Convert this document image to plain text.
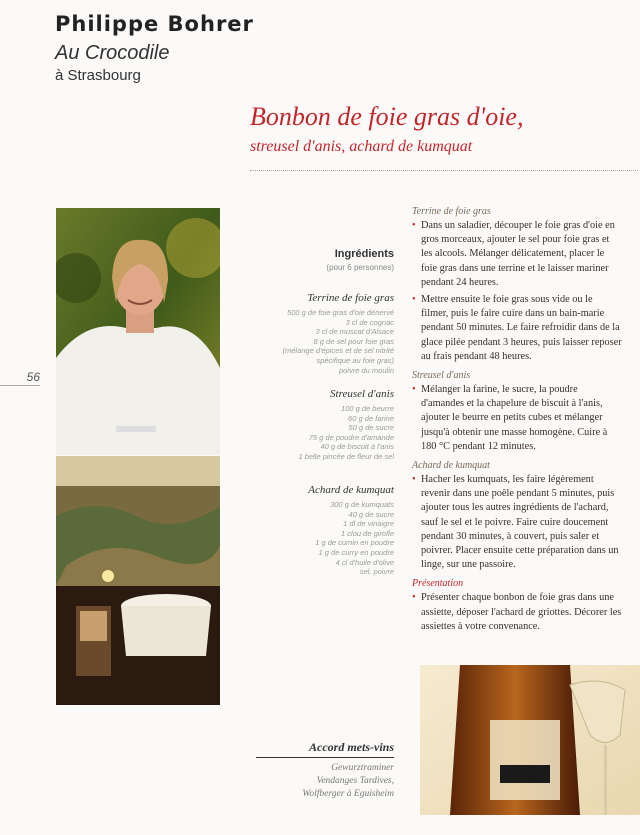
Philippe Bohrer
Au Crocodile
à Strasbourg
Bonbon de foie gras d'oie,
streusel d'anis, achard de kumquat
56
Ingrédients
(pour 6 personnes)
Terrine de foie gras
500 g de foie gras d'oie dénervé
3 cl de cognac
3 cl de muscat d'Alsace
8 g de sel pour foie gras
(mélange d'épices et de sel nitrité
spécifique au foie gras)
poivre du moulin
Streusel d'anis
100 g de beurre
60 g de farine
50 g de sucre
75 g de poudre d'amande
40 g de biscuit à l'anis
1 belle pincée de fleur de sel
Achard de kumquat
300 g de kumquats
40 g de sucre
1 dl de vinaigre
1 clou de girofle
1 g de cumin en poudre
1 g de curry en poudre
4 cl d'huile d'olive
sel, poivre
Terrine de foie gras
• Dans un saladier, découper le foie gras d'oie en gros morceaux, ajouter le sel pour foie gras et les alcools. Mélanger délicatement, placer le foie gras dans une terrine et le laisser mariner pendant 24 heures.
• Mettre ensuite le foie gras sous vide ou le filmer, puis le faire cuire dans un bain-marie pendant 50 minutes. Le faire refroidir dans de la glace pilée pendant 3 heures, puis laisser reposer au frais pendant 48 heures.
Streusel d'anis
• Mélanger la farine, le sucre, la poudre d'amandes et la chapelure de biscuit à l'anis, ajouter le beurre en petits cubes et mélanger jusqu'à obtenir une masse homogène. Cuire à 180 °C pendant 12 minutes.
Achard de kumquat
• Hacher les kumquats, les faire légèrement revenir dans une poêle pendant 5 minutes, puis ajouter tous les autres ingrédients de l'achard, sauf le sel et le poivre. Faire cuire doucement pendant 30 minutes, à couvert, puis saler et poivrer. Placer ensuite cette préparation dans un linge, sur une passoire.
Présentation
• Présenter chaque bonbon de foie gras dans une assiette, déposer l'achard de griottes. Décorer les assiettes à votre convenance.
Accord mets-vins
Gewurztraminer
Vendanges Tardives,
Wolfberger à Eguisheim
